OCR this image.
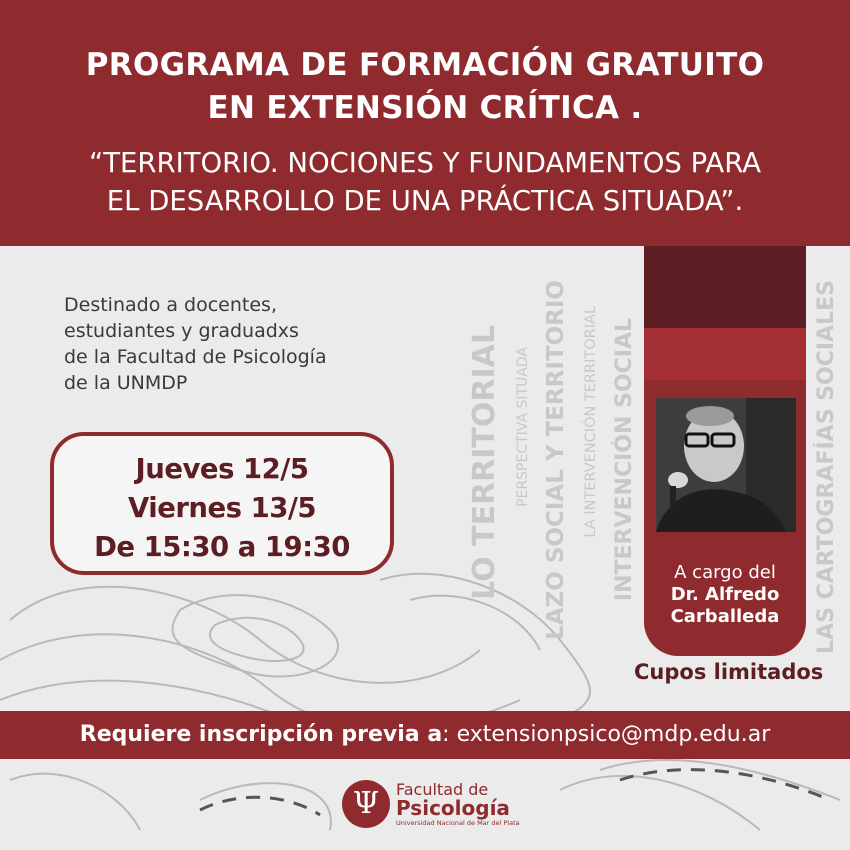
PROGRAMA DE FORMACIÓN GRATUITO
EN EXTENSIÓN CRÍTICA .
“TERRITORIO. NOCIONES Y FUNDAMENTOS PARA
EL DESARROLLO DE UNA PRÁCTICA SITUADA”.

Destinado a docentes,
estudiantes y graduadxs
de la Facultad de Psicología
de la UNMDP

Jueves 12/5
Viernes 13/5
De 15:30 a 19:30	LO TERRITORIAL PERSPECTIVA SITUADA LAZO SOCIAL Y TERRITORIO LA INTERVENCIÓN TERRITORIAL INTERVENCIÓN SOCIAL	LAS CARTOGRAFÍAS SOCIALES
A cargo del
Dr. Alfredo
Carballeda
Cupos limitados
Requiere inscripción previa a: extensionpsico@mdp.edu.ar
Ψ	Facultad de
Psicología
Universidad Nacional de Mar del Plata
